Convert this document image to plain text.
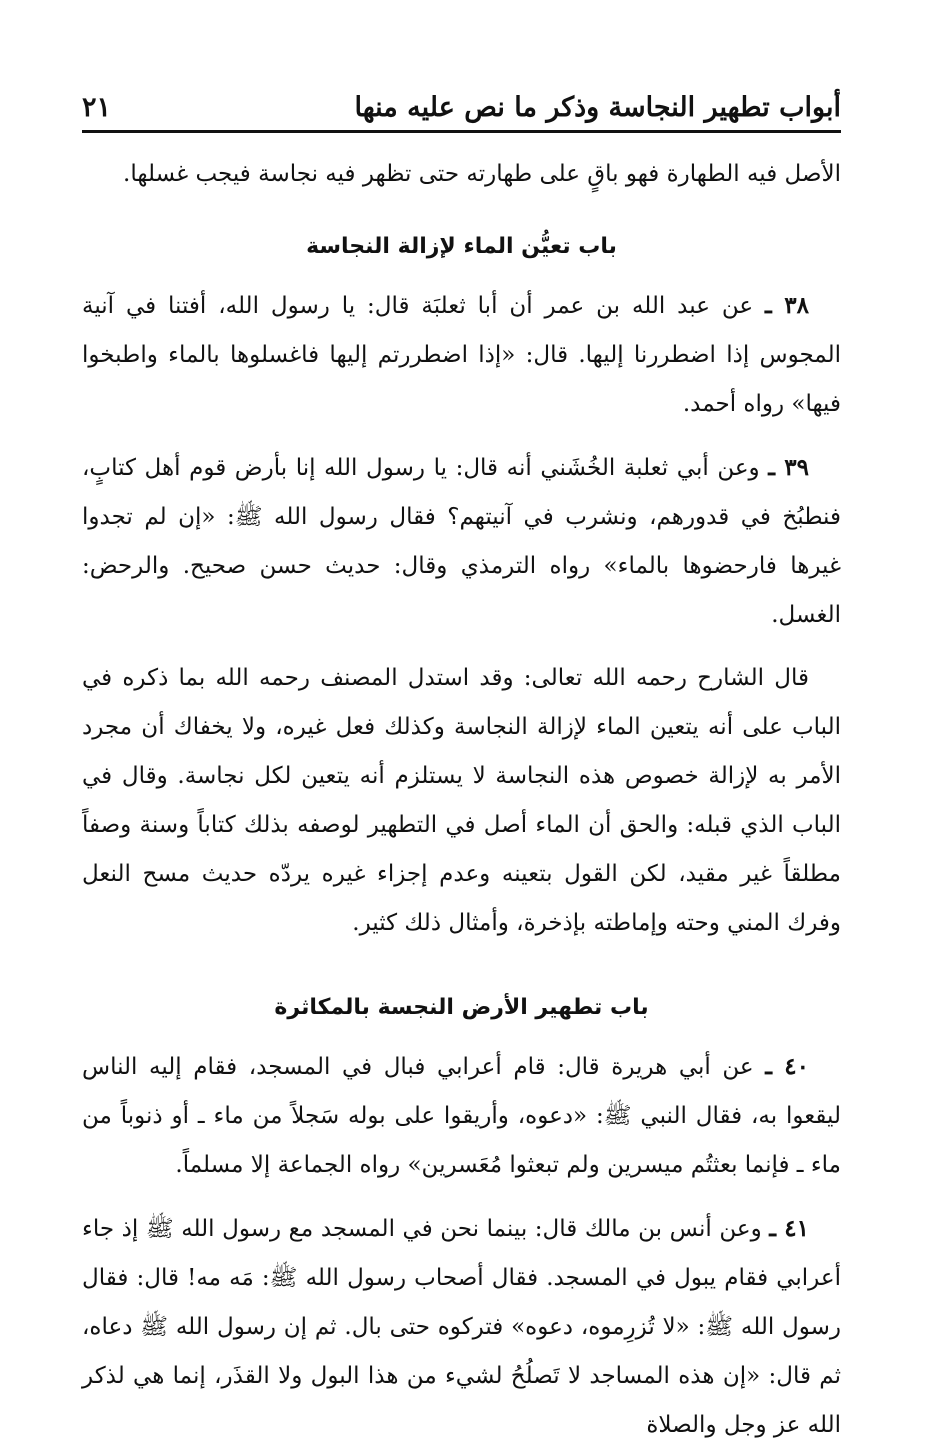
أبواب تطهير النجاسة وذكر ما نص عليه منها
٢١

الأصل فيه الطهارة فهو باقٍ على طهارته حتى تظهر فيه نجاسة فيجب غسلها.

باب تعيُّن الماء لإزالة النجاسة

٣٨ ـ عن عبد الله بن عمر أن أبا ثعلبَة قال: يا رسول الله، أفتنا في آنية المجوس إذا اضطررنا إليها. قال: «إذا اضطررتم إليها فاغسلوها بالماء واطبخوا فيها» رواه أحمد.

٣٩ ـ وعن أبي ثعلبة الخُشَني أنه قال: يا رسول الله إنا بأرض قوم أهل كتابٍ، فنطبُخ في قدورهم، ونشرب في آنيتهم؟ فقال رسول الله ﷺ: «إن لم تجدوا غيرها فارحضوها بالماء» رواه الترمذي وقال: حديث حسن صحيح. والرحض: الغسل.

قال الشارح رحمه الله تعالى: وقد استدل المصنف رحمه الله بما ذكره في الباب على أنه يتعين الماء لإزالة النجاسة وكذلك فعل غيره، ولا يخفاك أن مجرد الأمر به لإزالة خصوص هذه النجاسة لا يستلزم أنه يتعين لكل نجاسة. وقال في الباب الذي قبله: والحق أن الماء أصل في التطهير لوصفه بذلك كتاباً وسنة وصفاً مطلقاً غير مقيد، لكن القول بتعينه وعدم إجزاء غيره يردّه حديث مسح النعل وفرك المني وحته وإماطته بإذخرة، وأمثال ذلك كثير.

باب تطهير الأرض النجسة بالمكاثرة

٤٠ ـ عن أبي هريرة قال: قام أعرابي فبال في المسجد، فقام إليه الناس ليقعوا به، فقال النبي ﷺ: «دعوه، وأريقوا على بوله سَجلاً من ماء ـ أو ذنوباً من ماء ـ فإنما بعثتُم ميسرين ولم تبعثوا مُعَسرين» رواه الجماعة إلا مسلماً.

٤١ ـ وعن أنس بن مالك قال: بينما نحن في المسجد مع رسول الله ﷺ إذ جاء أعرابي فقام يبول في المسجد. فقال أصحاب رسول الله ﷺ: مَه مه! قال: فقال رسول الله ﷺ: «لا تُزرِموه، دعوه» فتركوه حتى بال. ثم إن رسول الله ﷺ دعاه، ثم قال: «إن هذه المساجد لا تَصلُحُ لشيء من هذا البول ولا القذَر، إنما هي لذكر الله عز وجل والصلاة
